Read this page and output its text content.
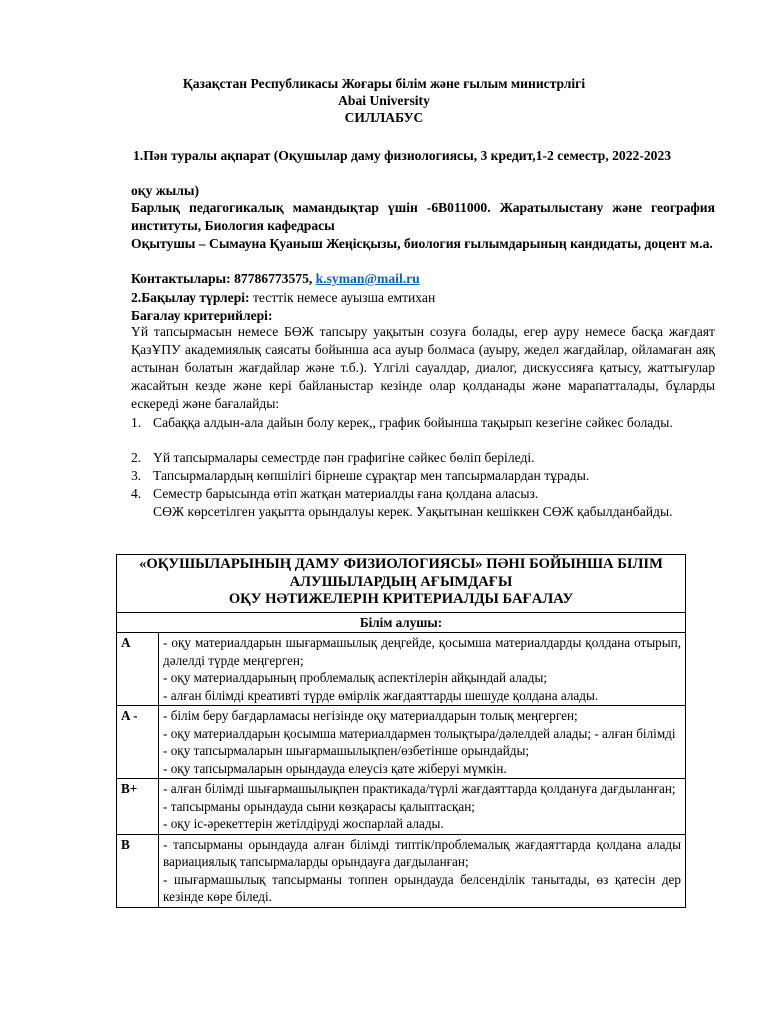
Қазақстан Республикасы Жоғары білім және ғылым министрлігі
Abai University
СИЛЛАБУС
1.Пән туралы ақпарат (Оқушылар даму физиологиясы, 3 кредит,1-2 семестр, 2022-2023
оқу жылы)
Барлық педагогикалық мамандықтар үшін -6В011000. Жаратылыстану және география институты, Биология кафедрасы
Оқытушы – Сымауна Қуаныш Жеңісқызы, биология ғылымдарының кандидаты, доцент м.а.
Контактылары: 87786773575, k.syman@mail.ru
2.Бақылау түрлері: тесттік немесе ауызша емтихан
Бағалау критерийлері:
Үй тапсырмасын немесе БӨЖ тапсыру уақытын созуға болады, егер ауру немесе басқа жағдаят ҚазҰПУ академиялық саясаты бойынша аса ауыр болмаса (ауыру, жедел жағдайлар, ойламаған аяқ астынан болатын жағдайлар және т.б.). Үлгілі сауалдар, диалог, дискуссияға қатысу, жаттығулар жасайтын кезде және кері байланыстар кезінде олар қолданады және марапатталады, бұларды ескереді және бағалайды:
1. Сабаққа алдын-ала дайын болу керек,, график бойынша тақырып кезегіне сәйкес болады.
2. Үй тапсырмалары семестрде пән графигіне сәйкес бөліп беріледі.
3. Тапсырмалардың көпшілігі бірнеше сұрақтар мен тапсырмалардан тұрады.
4. Семестр барысында өтіп жатқан материалды ғана қолдана аласыз.
СӨЖ көрсетілген уақытта орындалуы керек. Уақытынан кешіккен СӨЖ қабылданбайды.
«ОҚУШЫЛАРЫНЫҢ ДАМУ ФИЗИОЛОГИЯСЫ» ПӘНІ БОЙЫНША БІЛІМ
АЛУШЫЛАРДЫҢ АҒЫМДАҒЫ
ОҚУ НӘТИЖЕЛЕРІН КРИТЕРИАЛДЫ БАҒАЛАУ	

Білім алушы:	
A	- оқу материалдарын шығармашылық деңгейде, қосымша материалдарды қолдана отырып, дәлелді түрде меңгерген;
- оқу материалдарының проблемалық аспектілерін айқындай алады;
- алған білімді креативті түрде өмірлік жағдаяттарды шешуде қолдана алады.

A -	- білім беру бағдарламасы негізінде оқу материалдарын толық меңгерген;
- оқу материалдарын қосымша материалдармен толықтыра/дәлелдей алады; - алған білімді
- оқу тапсырмаларын шығармашылықпен/өзбетінше орындайды;
- оқу тапсырмаларын орындауда елеусіз қате жіберуі мүмкін.

B+	- алған білімді шығармашылықпен практикада/түрлі жағдаяттарда қолдануға дағдыланған;
- тапсырманы орындауда сыни көзқарасы қалыптасқан;
- оқу іс-әрекеттерін жетілдіруді жоспарлай алады.

B	- тапсырманы орындауда алған білімді типтік/проблемалық жағдаяттарда қолдана алады вариациялық тапсырмаларды орындауға дағдыланған;
- шығармашылық тапсырманы топпен орындауда белсенділік танытады, өз қатесін дер кезінде көре біледі.
